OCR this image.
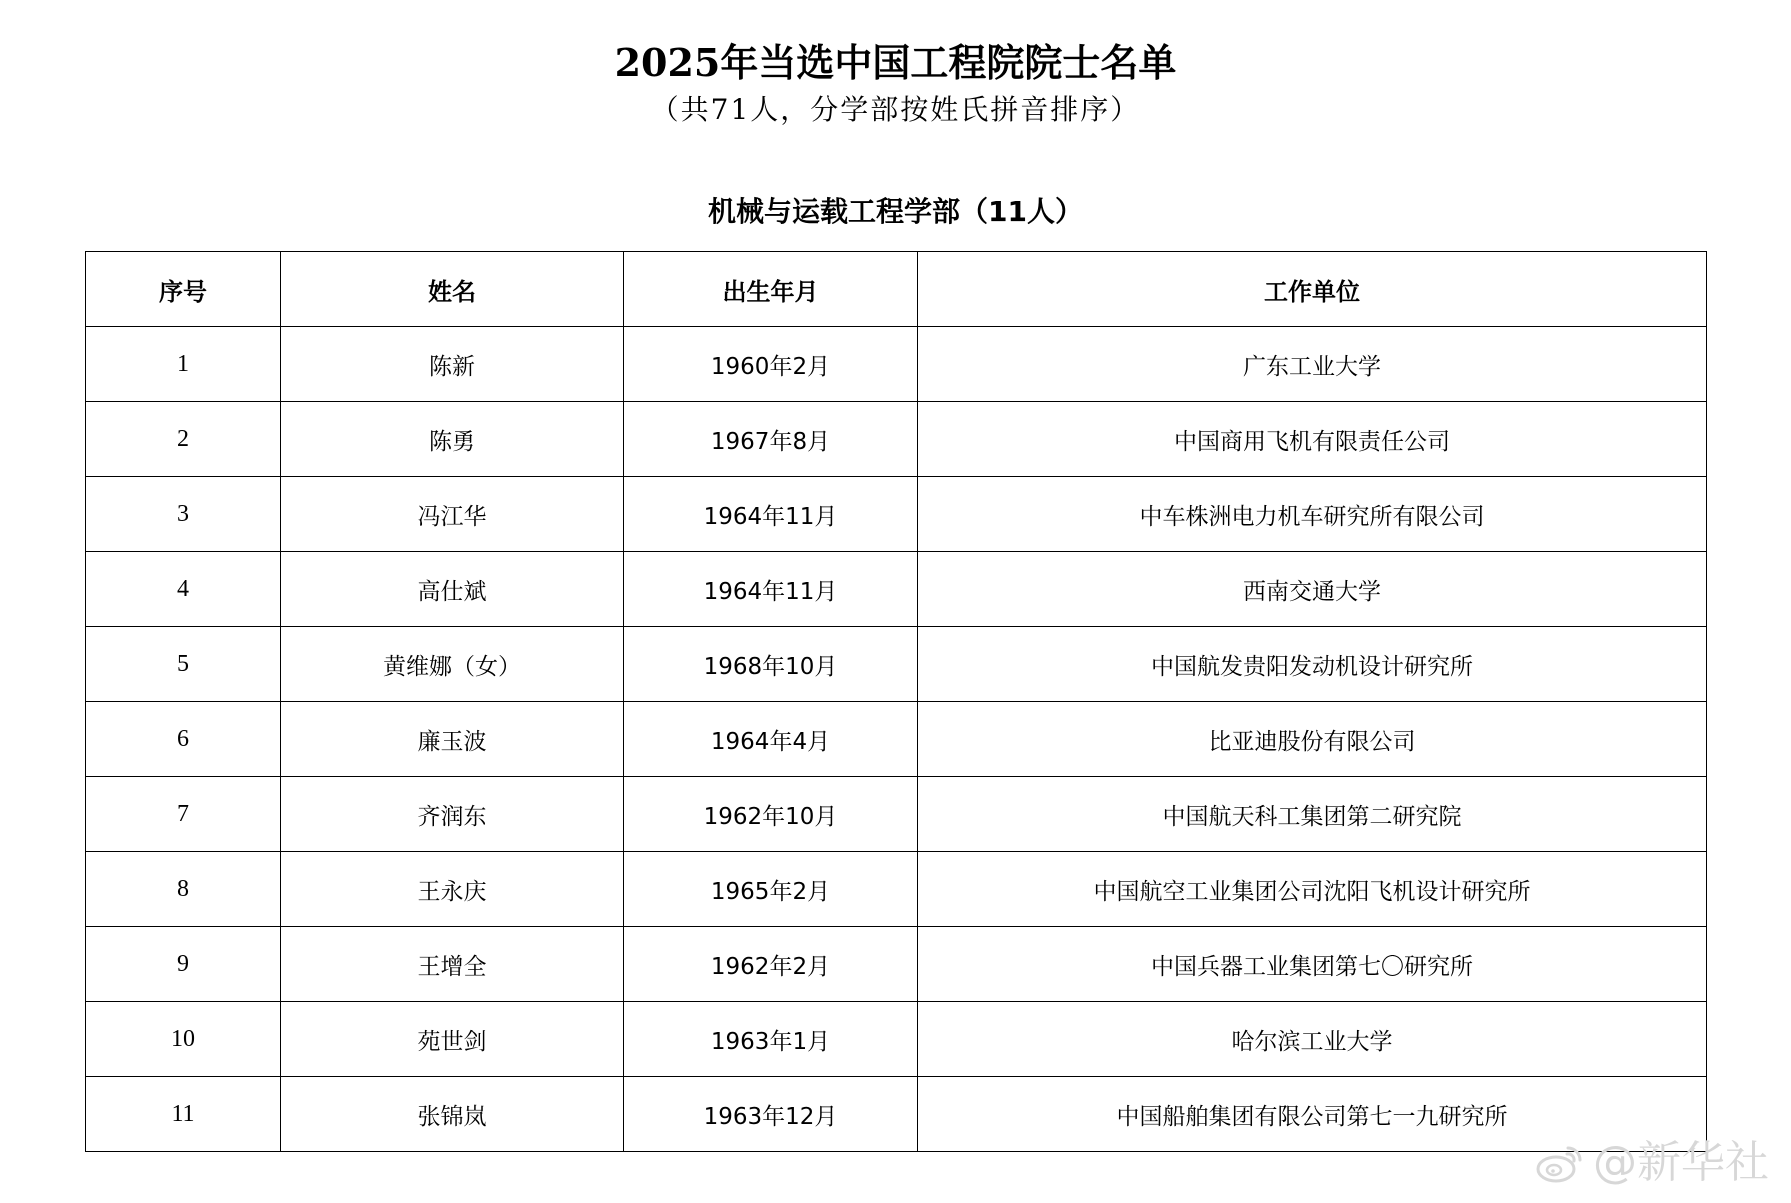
2025年当选中国工程院院士名单
（共71人，分学部按姓氏拼音排序）
机械与运载工程学部（11人）
序号	姓名	出生年月	工作单位
1	陈新	1960年2月	广东工业大学
2	陈勇	1967年8月	中国商用飞机有限责任公司
3	冯江华	1964年11月	中车株洲电力机车研究所有限公司
4	高仕斌	1964年11月	西南交通大学
5	黄维娜（女）	1968年10月	中国航发贵阳发动机设计研究所
6	廉玉波	1964年4月	比亚迪股份有限公司
7	齐润东	1962年10月	中国航天科工集团第二研究院
8	王永庆	1965年2月	中国航空工业集团公司沈阳飞机设计研究所
9	王增全	1962年2月	中国兵器工业集团第七〇研究所
10	苑世剑	1963年1月	哈尔滨工业大学
11	张锦岚	1963年12月	中国船舶集团有限公司第七一九研究所
@新华社
